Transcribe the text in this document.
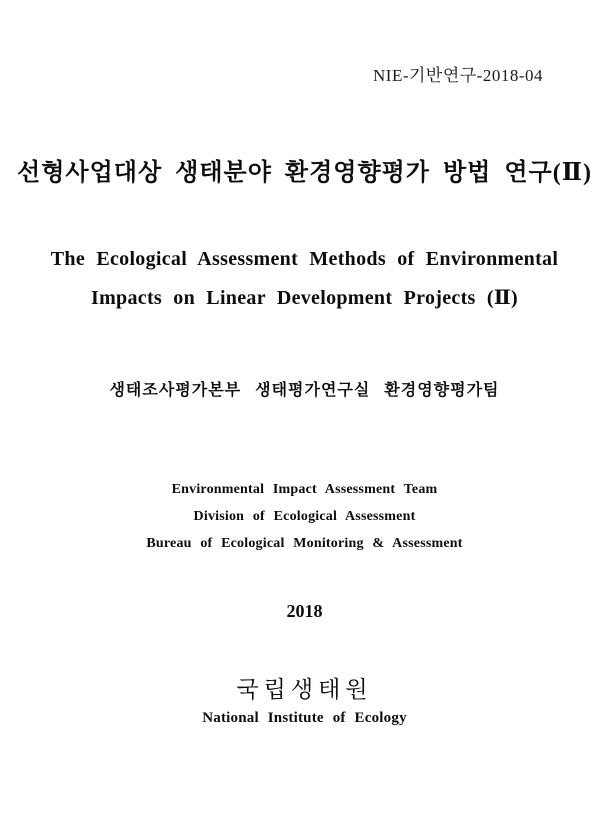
NIE-기반연구-2018-04
선형사업대상 생태분야 환경영향평가 방법 연구(Ⅱ)
The Ecological Assessment Methods of Environmental
Impacts on Linear Development Projects (Ⅱ)
생태조사평가본부 생태평가연구실 환경영향평가팀
Environmental Impact Assessment Team
Division of Ecological Assessment
Bureau of Ecological Monitoring & Assessment
2018
국립생태원
National Institute of Ecology
